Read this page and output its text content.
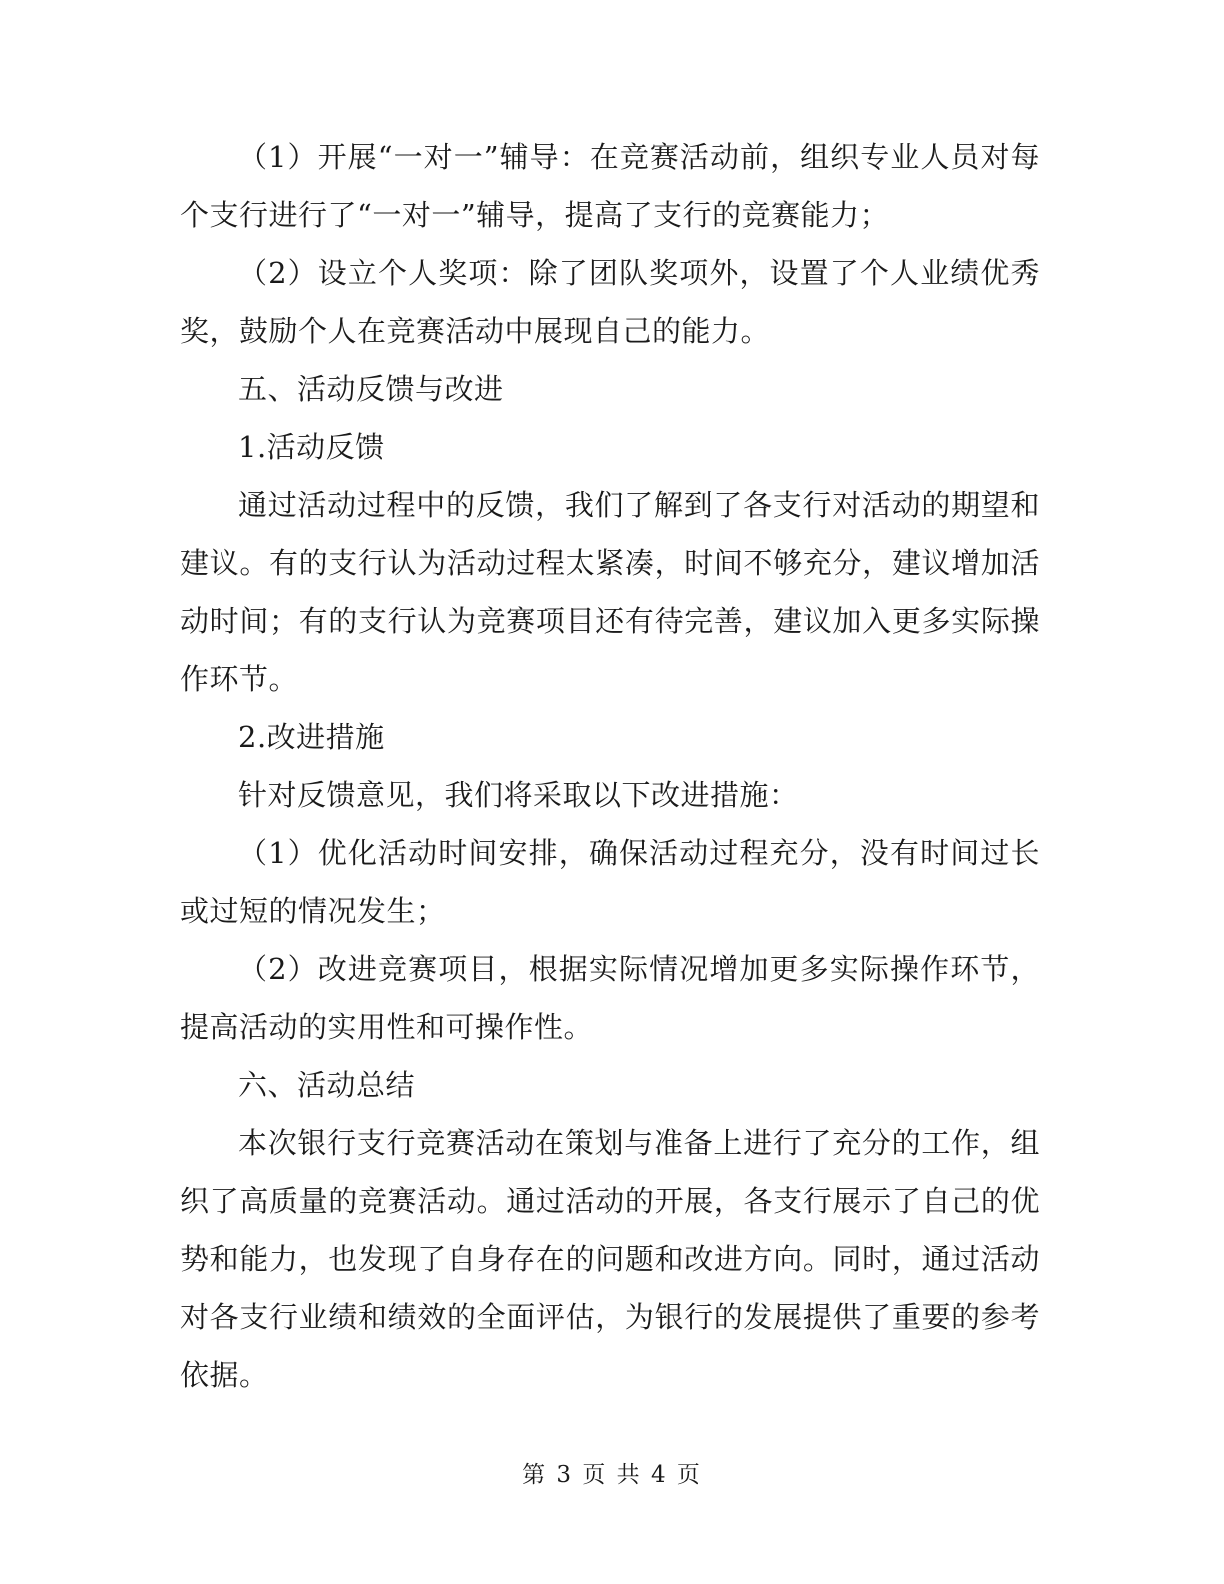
（1）开展“一对一”辅导：在竞赛活动前，组织专业人员对每个支行进行了“一对一”辅导，提高了支行的竞赛能力；

（2）设立个人奖项：除了团队奖项外，设置了个人业绩优秀奖，鼓励个人在竞赛活动中展现自己的能力。

五、活动反馈与改进

1.活动反馈

通过活动过程中的反馈，我们了解到了各支行对活动的期望和建议。有的支行认为活动过程太紧凑，时间不够充分，建议增加活动时间；有的支行认为竞赛项目还有待完善，建议加入更多实际操作环节。

2.改进措施

针对反馈意见，我们将采取以下改进措施：

（1）优化活动时间安排，确保活动过程充分，没有时间过长或过短的情况发生；

（2）改进竞赛项目，根据实际情况增加更多实际操作环节，提高活动的实用性和可操作性。

六、活动总结

本次银行支行竞赛活动在策划与准备上进行了充分的工作，组织了高质量的竞赛活动。通过活动的开展，各支行展示了自己的优势和能力，也发现了自身存在的问题和改进方向。同时，通过活动对各支行业绩和绩效的全面评估，为银行的发展提供了重要的参考依据。

第 3 页 共 4 页
